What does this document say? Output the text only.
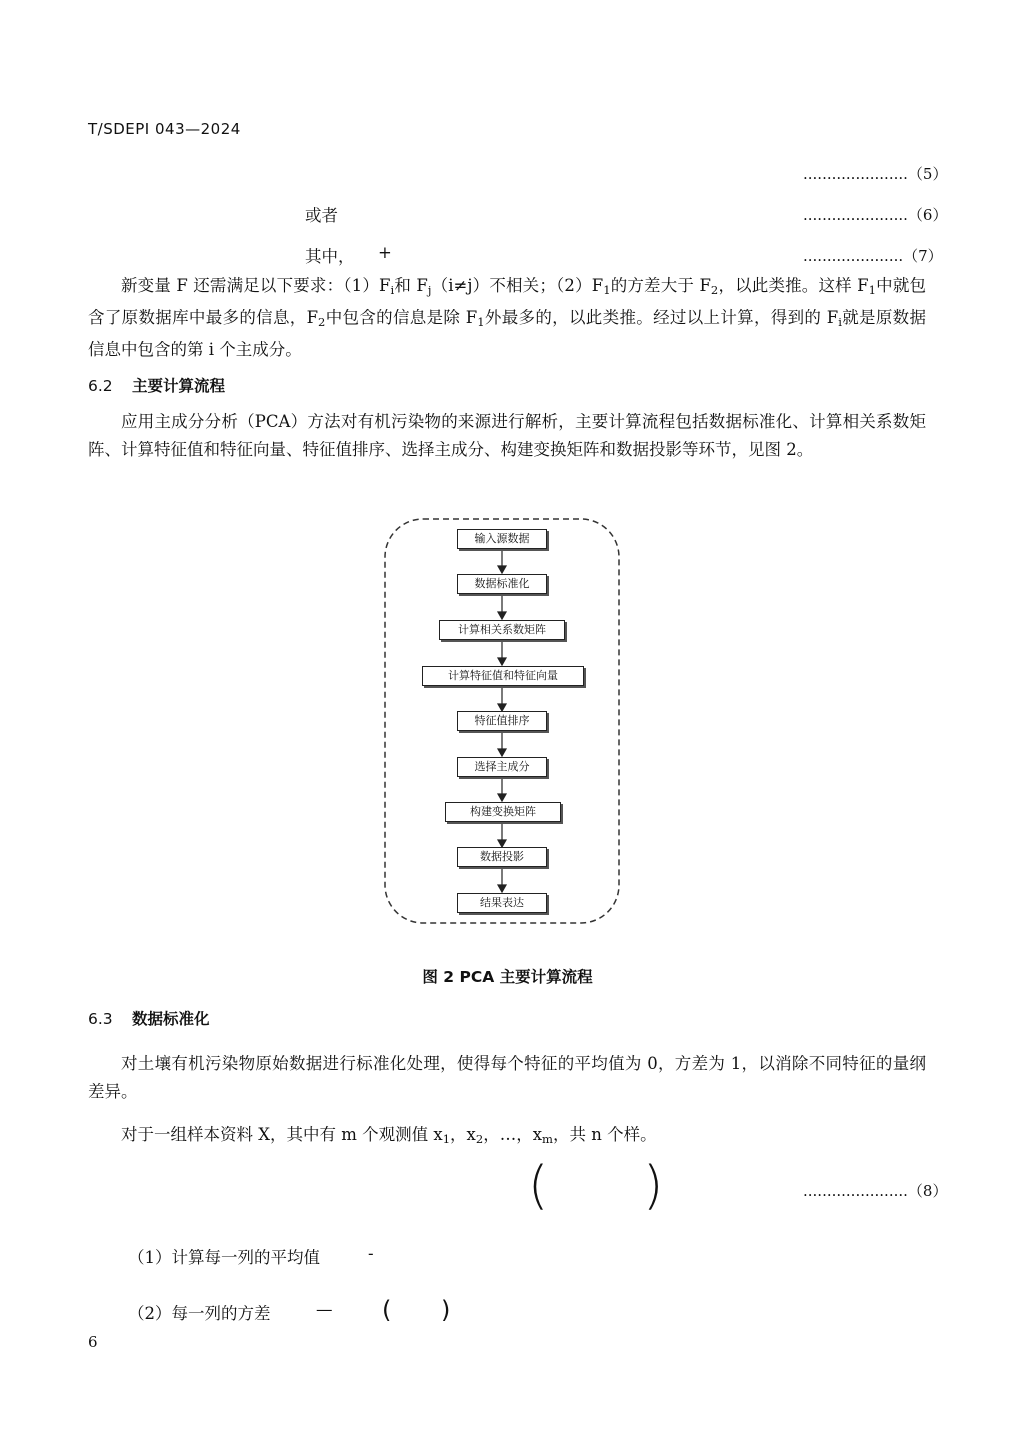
T/SDEPI 043—2024
......................（5）
或者	......................（6）
其中， +	.....................（7）
新变量 F 还需满足以下要求：$(1)F_i$和 $F_j(i\ne j)$不相关；$(2)F_1$的方差大于 $F_2$，以此类推。这样 $F_1$中就包含了原数据库中最多的信息，$F_2$中包含的信息是除 $F_1$外最多的，以此类推。经过以上计算，得到的 $F_i$就是原数据信息中包含的第 i 个主成分。
6.2 主要计算流程
应用主成分分析（PCA）方法对有机污染物的来源进行解析，主要计算流程包括数据标准化、计算相关系数矩阵、计算特征值和特征向量、特征值排序、选择主成分、构建变换矩阵和数据投影等环节，见图 2。
输入源数据
数据标准化
计算相关系数矩阵
计算特征值和特征向量
特征值排序
选择主成分
构建变换矩阵
数据投影
结果表达
图 2 PCA 主要计算流程
6.3 数据标准化
对土壤有机污染物原始数据进行标准化处理，使得每个特征的平均值为 0，方差为 1，以消除不同特征的量纲差异。
对于一组样本资料 X，其中有 m 个观测值 $x_1$，$x_2$，…，$x_m$，共 n 个样。
( )	......................（8）
（1）计算每一列的平均值	-
（2）每一列的方差	— ( )
6
